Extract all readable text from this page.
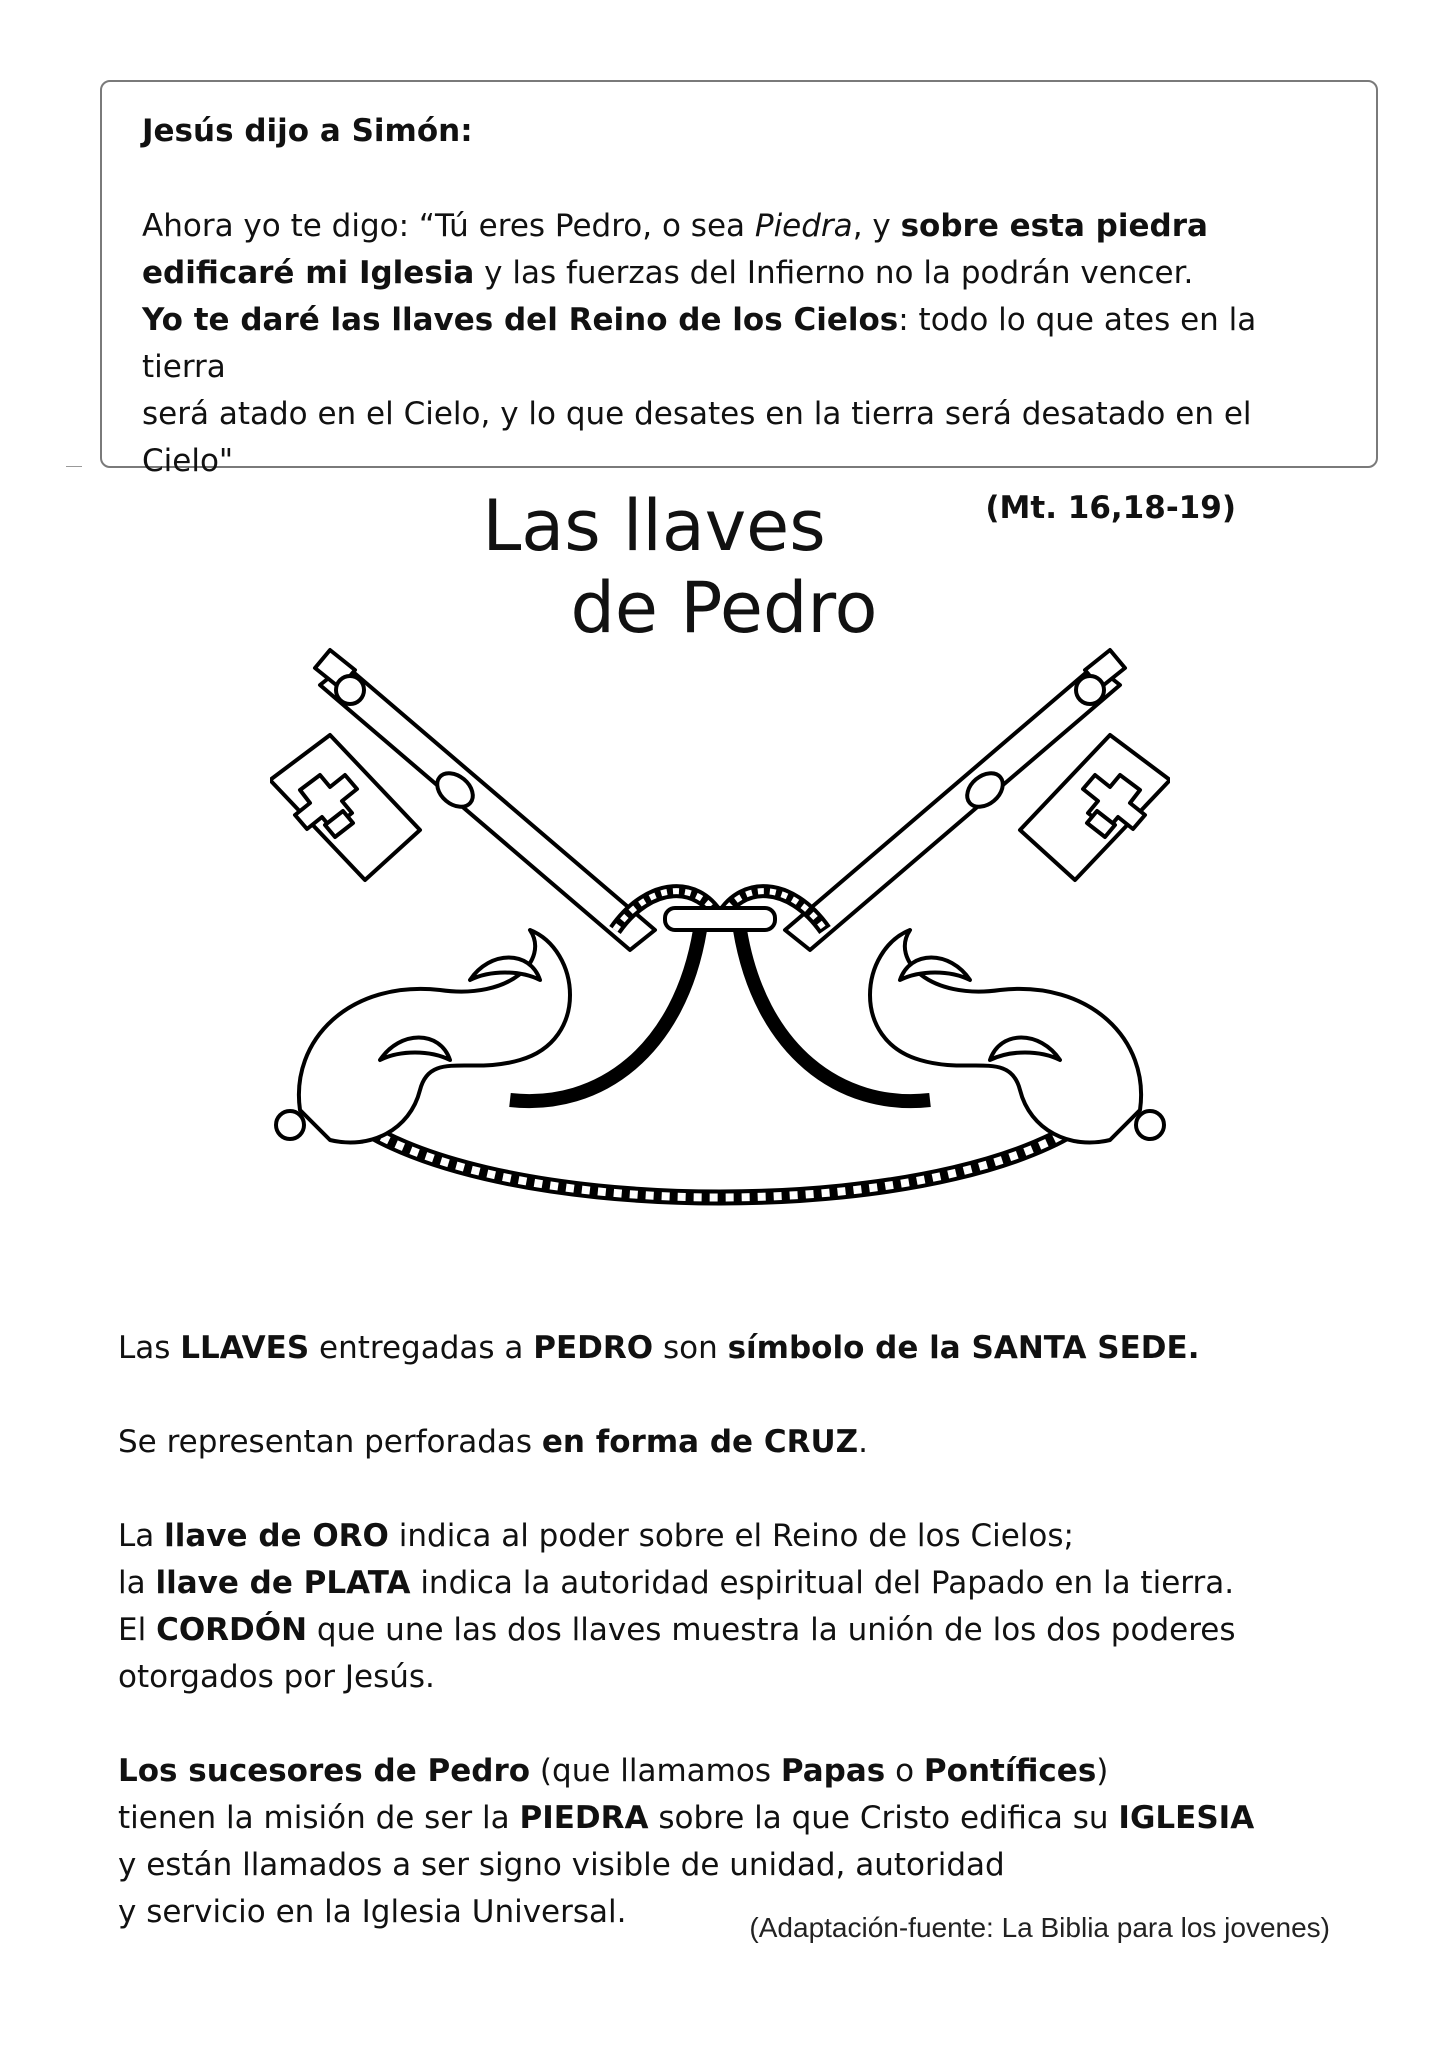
Jesús dijo a Simón:

Ahora yo te digo: “Tú eres Pedro, o sea Piedra, y sobre esta piedra

edificaré mi Iglesia y las fuerzas del Infierno no la podrán vencer.

Yo te daré las llaves del Reino de los Cielos: todo lo que ates en la tierra

será atado en el Cielo, y lo que desates en la tierra será desatado en el Cielo"

(Mt. 16,18-19)

Las llaves
de Pedro

Las LLAVES entregadas a PEDRO son símbolo de la SANTA SEDE.

Se representan perforadas en forma de CRUZ.

La llave de ORO indica al poder sobre el Reino de los Cielos;
la llave de PLATA indica la autoridad espiritual del Papado en la tierra.
El CORDÓN que une las dos llaves muestra la unión de los dos poderes
otorgados por Jesús.

Los sucesores de Pedro (que llamamos Papas o Pontífices)
tienen la misión de ser la PIEDRA sobre la que Cristo edifica su IGLESIA
y están llamados a ser signo visible de unidad, autoridad
y servicio en la Iglesia Universal.	(Adaptación-fuente: La Biblia para los jovenes)
